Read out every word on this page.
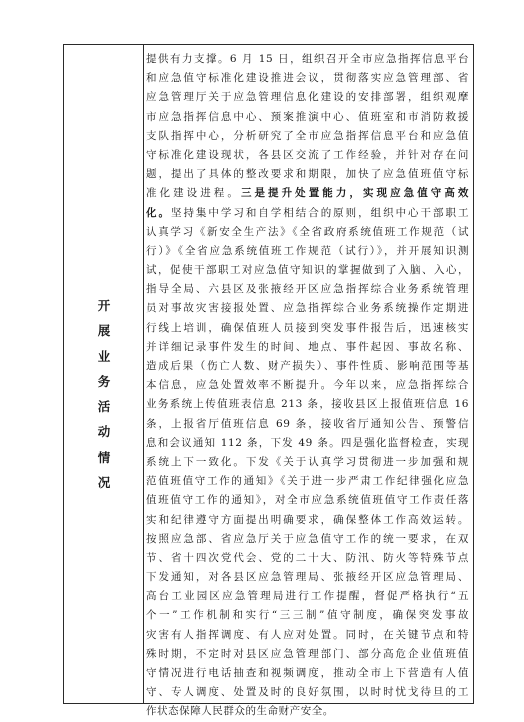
开展业务活动情况
提供有力支撑。6 月 15 日，组织召开全市应急指挥信息平台
和应急值守标准化建设推进会议，贯彻落实应急管理部、省
应急管理厅关于应急管理信息化建设的安排部署，组织观摩
市应急指挥信息中心、预案推演中心、值班室和市消防救援
支队指挥中心，分析研究了全市应急指挥信息平台和应急值
守标准化建设现状，各县区交流了工作经验，并针对存在问
题，提出了具体的整改要求和期限，加快了应急值班值守标
准化建设进程。三是提升处置能力，实现应急值守高效
化。坚持集中学习和自学相结合的原则，组织中心干部职工
认真学习《新安全生产法》《全省政府系统值班工作规范（试
行）》《全省应急系统值班工作规范（试行）》，并开展知识测
试，促使干部职工对应急值守知识的掌握做到了入脑、入心，
指导全局、六县区及张掖经开区应急指挥综合业务系统管理
员对事故灾害接报处置、应急指挥综合业务系统操作定期进
行线上培训，确保值班人员接到突发事件报告后，迅速核实
并详细记录事件发生的时间、地点、事件起因、事故名称、
造成后果（伤亡人数、财产损失）、事件性质、影响范围等基
本信息，应急处置效率不断提升。今年以来，应急指挥综合
业务系统上传值班表信息 213 条，接收县区上报值班信息 16
条，上报省厅值班信息 69 条，接收省厅通知公告、预警信
息和会议通知 112 条，下发 49 条。四是强化监督检查，实现
系统上下一致化。下发《关于认真学习贯彻进一步加强和规
范值班值守工作的通知》《关于进一步严肃工作纪律强化应急
值班值守工作的通知》，对全市应急系统值班值守工作责任落
实和纪律遵守方面提出明确要求，确保整体工作高效运转。
按照应急部、省应急厅关于应急值守工作的统一要求，在双
节、省十四次党代会、党的二十大、防汛、防火等特殊节点
下发通知，对各县区应急管理局、张掖经开区应急管理局、
高台工业园区应急管理局进行工作提醒，督促严格执行“五
个一”工作机制和实行“三三制”值守制度，确保突发事故
灾害有人指挥调度、有人应对处置。同时，在关键节点和特
殊时期，不定时对县区应急管理部门、部分高危企业值班值
守情况进行电话抽查和视频调度，推动全市上下营造有人值
守、专人调度、处置及时的良好氛围，以时时忧戈待旦的工
作状态保障人民群众的生命财产安全。
